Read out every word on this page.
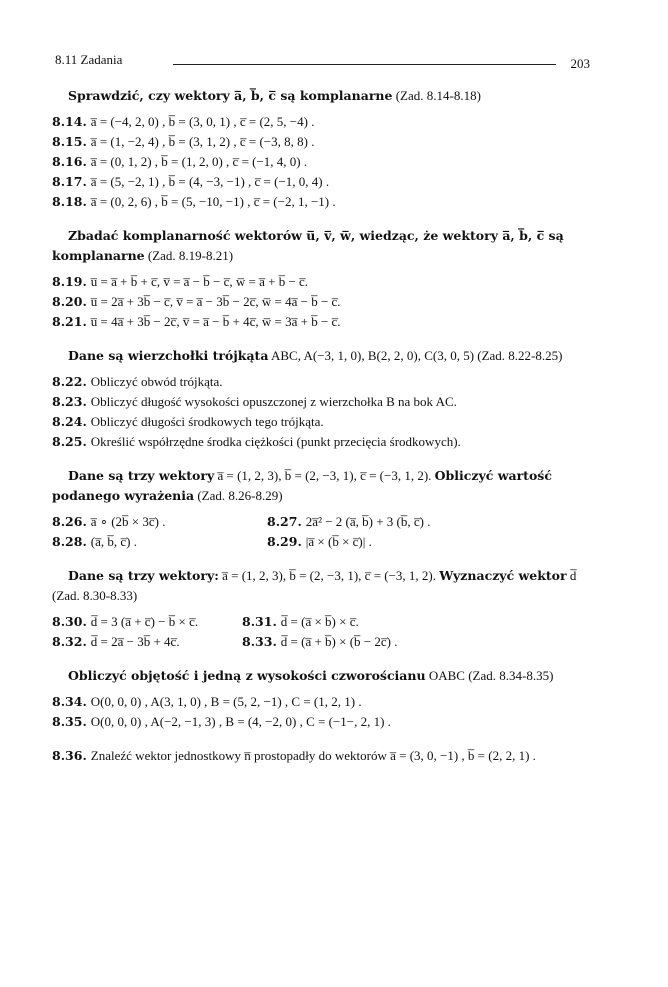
8.11 Zadania	203
Sprawdzić, czy wektory a̅, b̅, c̅ są komplanarne (Zad. 8.14-8.18)
8.14. a̅ = (−4, 2, 0) , b̅ = (3, 0, 1) , c̅ = (2, 5, −4) .
8.15. a̅ = (1, −2, 4) , b̅ = (3, 1, 2) , c̅ = (−3, 8, 8) .
8.16. a̅ = (0, 1, 2) , b̅ = (1, 2, 0) , c̅ = (−1, 4, 0) .
8.17. a̅ = (5, −2, 1) , b̅ = (4, −3, −1) , c̅ = (−1, 0, 4) .
8.18. a̅ = (0, 2, 6) , b̅ = (5, −10, −1) , c̅ = (−2, 1, −1) .
Zbadać komplanarność wektorów u̅, v̅, w̅, wiedząc, że wektory a̅, b̅, c̅ są komplanarne (Zad. 8.19-8.21)
8.19. u̅ = a̅ + b̅ + c̅, v̅ = a̅ − b̅ − c̅, w̅ = a̅ + b̅ − c̅.
8.20. u̅ = 2a̅ + 3b̅ − c̅, v̅ = a̅ − 3b̅ − 2c̅, w̅ = 4a̅ − b̅ − c̅.
8.21. u̅ = 4a̅ + 3b̅ − 2c̅, v̅ = a̅ − b̅ + 4c̅, w̅ = 3a̅ + b̅ − c̅.
Dane są wierzchołki trójkąta ABC, A(−3, 1, 0), B(2, 2, 0), C(3, 0, 5) (Zad. 8.22-8.25)
8.22. Obliczyć obwód trójkąta.
8.23. Obliczyć długość wysokości opuszczonej z wierzchołka B na bok AC.
8.24. Obliczyć długości środkowych tego trójkąta.
8.25. Określić współrzędne środka ciężkości (punkt przecięcia środkowych).
Dane są trzy wektory a̅ = (1, 2, 3), b̅ = (2, −3, 1), c̅ = (−3, 1, 2). Obliczyć wartość podanego wyrażenia (Zad. 8.26-8.29)
8.26. a̅ ∘ (2b̅ × 3c̅) .	8.27. 2a̅² − 2 (a̅, b̅) + 3 (b̅, c̅) .
8.28. (a̅, b̅, c̅) .	8.29. |a̅ × (b̅ × c̅)| .
Dane są trzy wektory: a̅ = (1, 2, 3), b̅ = (2, −3, 1), c̅ = (−3, 1, 2). Wyznaczyć wektor d̅ (Zad. 8.30-8.33)
8.30. d̅ = 3 (a̅ + c̅) − b̅ × c̅.	8.31. d̅ = (a̅ × b̅) × c̅.
8.32. d̅ = 2a̅ − 3b̅ + 4c̅.	8.33. d̅ = (a̅ + b̅) × (b̅ − 2c̅) .
Obliczyć objętość i jedną z wysokości czworościanu OABC (Zad. 8.34-8.35)
8.34. O(0, 0, 0) , A(3, 1, 0) , B = (5, 2, −1) , C = (1, 2, 1) .
8.35. O(0, 0, 0) , A(−2, −1, 3) , B = (4, −2, 0) , C = (−1−, 2, 1) .
8.36. Znaleźć wektor jednostkowy n̅ prostopadły do wektorów a̅ = (3, 0, −1) , b̅ = (2, 2, 1) .
